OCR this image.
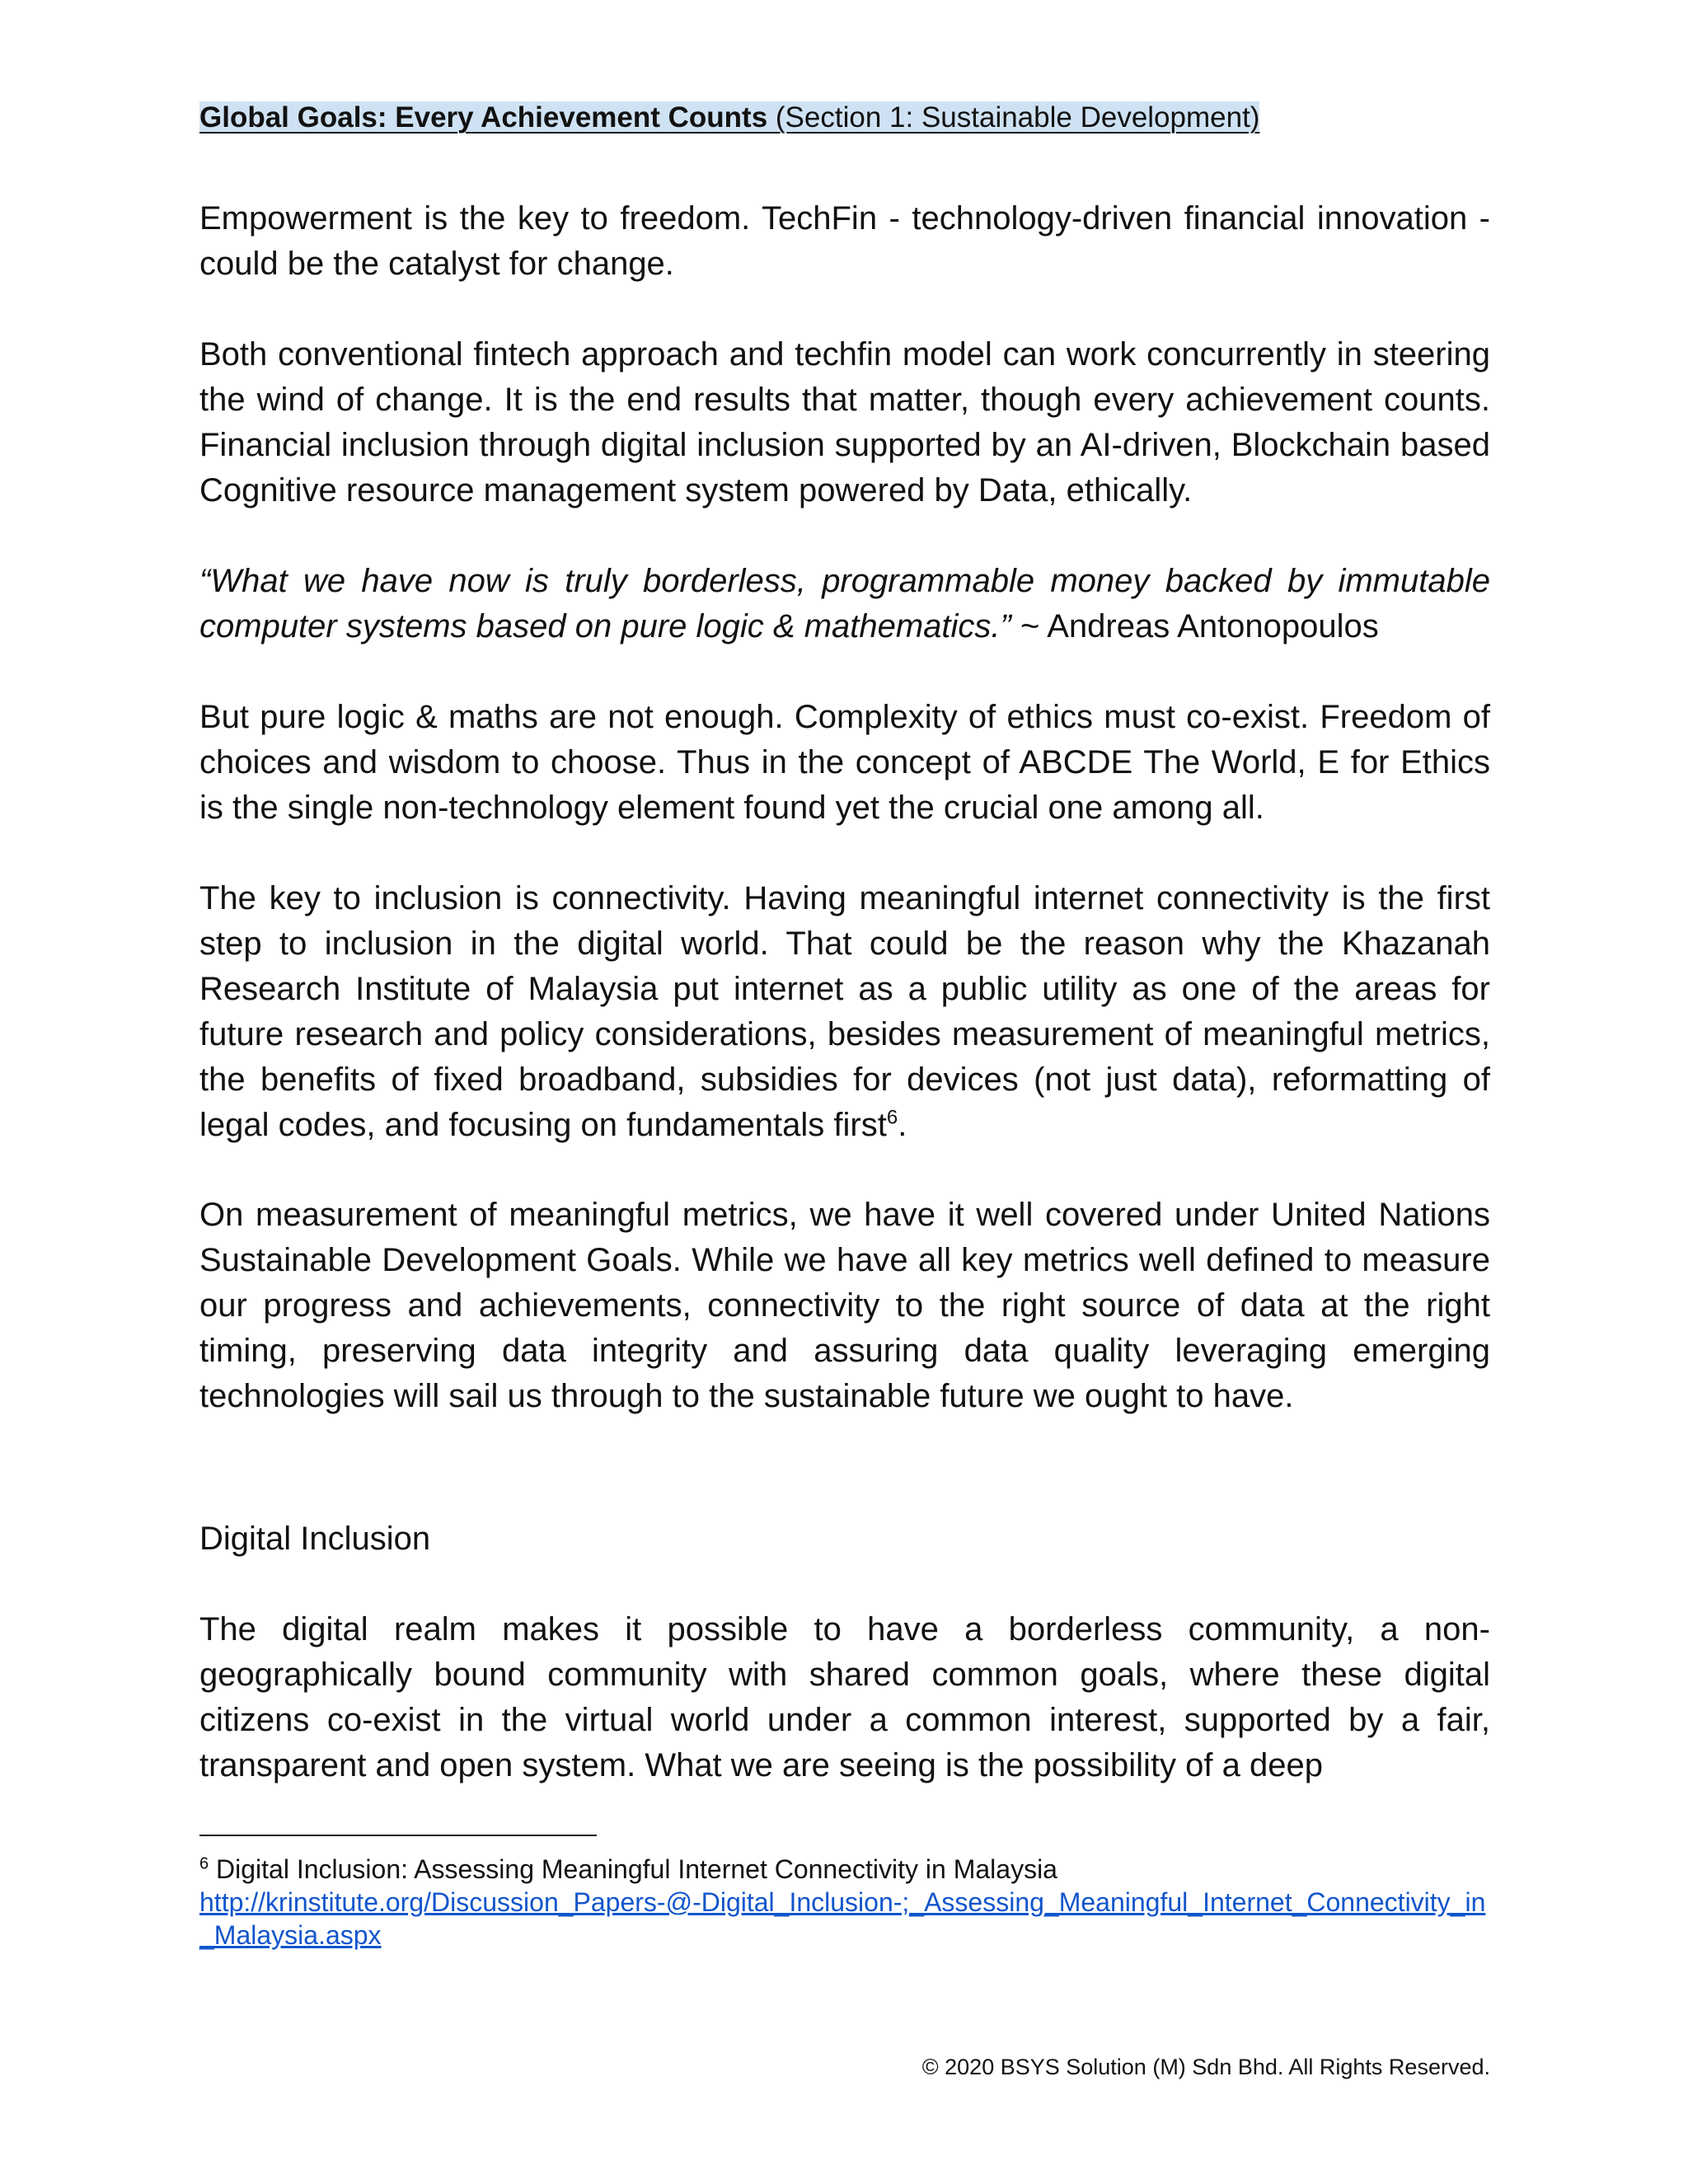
Global Goals: Every Achievement Counts (Section 1: Sustainable Development)

Empowerment is the key to freedom. TechFin - technology-driven financial innovation - could be the catalyst for change.

Both conventional fintech approach and techfin model can work concurrently in steering the wind of change. It is the end results that matter, though every achievement counts. Financial inclusion through digital inclusion supported by an AI-driven, Blockchain based Cognitive resource management system powered by Data, ethically.

“What we have now is truly borderless, programmable money backed by immutable computer systems based on pure logic & mathematics.” ~ Andreas Antonopoulos

But pure logic & maths are not enough. Complexity of ethics must co-exist. Freedom of choices and wisdom to choose. Thus in the concept of ABCDE The World, E for Ethics is the single non-technology element found yet the crucial one among all.

The key to inclusion is connectivity. Having meaningful internet connectivity is the first step to inclusion in the digital world. That could be the reason why the Khazanah Research Institute of Malaysia put internet as a public utility as one of the areas for future research and policy considerations, besides measurement of meaningful metrics, the benefits of fixed broadband, subsidies for devices (not just data), reformatting of legal codes, and focusing on fundamentals first$^6$.

On measurement of meaningful metrics, we have it well covered under United Nations Sustainable Development Goals. While we have all key metrics well defined to measure our progress and achievements, connectivity to the right source of data at the right timing, preserving data integrity and assuring data quality leveraging emerging technologies will sail us through to the sustainable future we ought to have.

Digital Inclusion

The digital realm makes it possible to have a borderless community, a non-geographically bound community with shared common goals, where these digital citizens co-exist in the virtual world under a common interest, supported by a fair, transparent and open system. What we are seeing is the possibility of a deep

$^6$ Digital Inclusion: Assessing Meaningful Internet Connectivity in Malaysia
http://krinstitute.org/Discussion_Papers-@-Digital_Inclusion-;_Assessing_Meaningful_Internet_Connectivity_in_Malaysia.aspx
© 2020 BSYS Solution (M) Sdn Bhd. All Rights Reserved.
